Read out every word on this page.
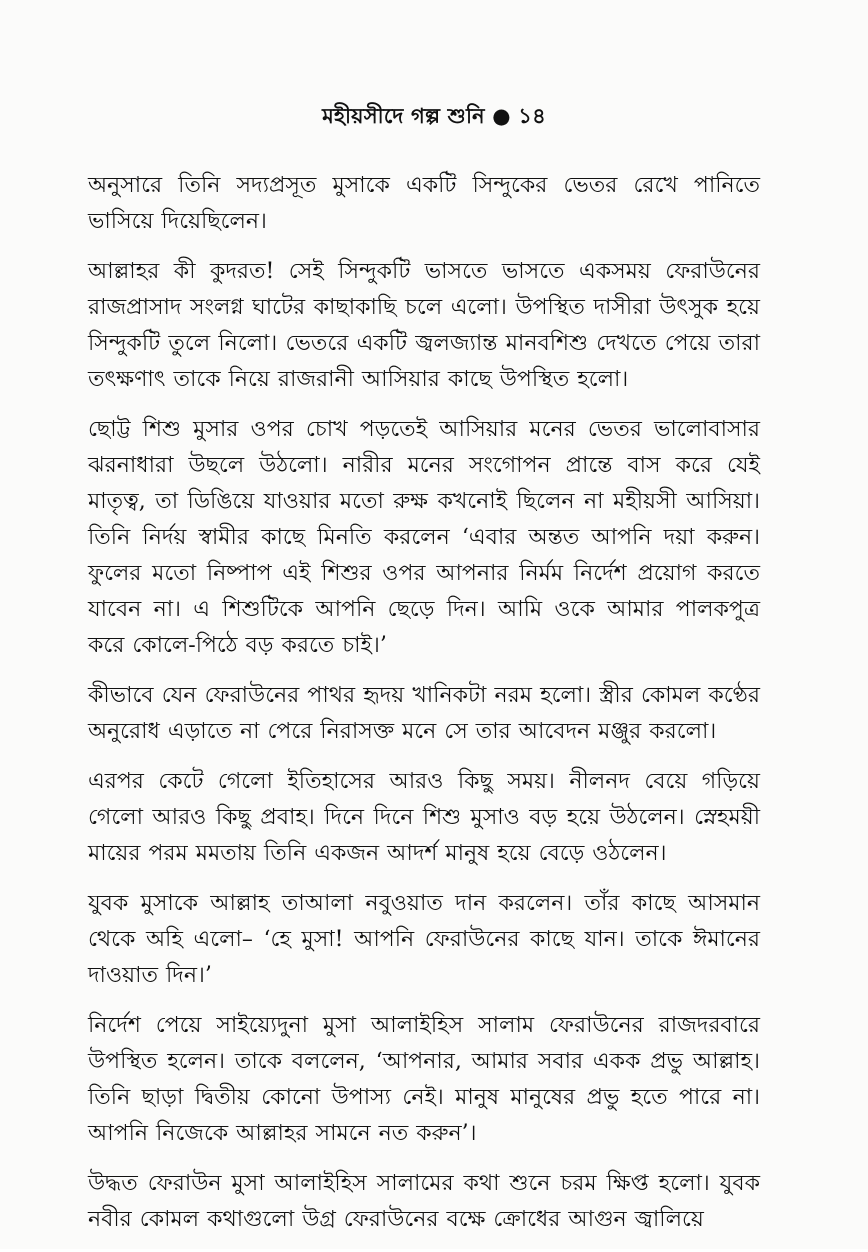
মহীয়সীদে গল্প শুনি ● ১৪

অনুসারে তিনি সদ্যপ্রসূত মুসাকে একটি সিন্দুকের ভেতর রেখে পানিতে ভাসিয়ে দিয়েছিলেন।

আল্লাহর কী কুদরত! সেই সিন্দুকটি ভাসতে ভাসতে একসময় ফেরাউনের রাজপ্রাসাদ সংলগ্ন ঘাটের কাছাকাছি চলে এলো। উপস্থিত দাসীরা উৎসুক হয়ে সিন্দুকটি তুলে নিলো। ভেতরে একটি জ্বলজ্যান্ত মানবশিশু দেখতে পেয়ে তারা তৎক্ষণাৎ তাকে নিয়ে রাজরানী আসিয়ার কাছে উপস্থিত হলো।

ছোট্ট শিশু মুসার ওপর চোখ পড়তেই আসিয়ার মনের ভেতর ভালোবাসার ঝরনাধারা উছলে উঠলো। নারীর মনের সংগোপন প্রান্তে বাস করে যেই মাতৃত্ব, তা ডিঙিয়ে যাওয়ার মতো রুক্ষ কখনোই ছিলেন না মহীয়সী আসিয়া। তিনি নির্দয় স্বামীর কাছে মিনতি করলেন ‘এবার অন্তত আপনি দয়া করুন। ফুলের মতো নিষ্পাপ এই শিশুর ওপর আপনার নির্মম নির্দেশ প্রয়োগ করতে যাবেন না। এ শিশুটিকে আপনি ছেড়ে দিন। আমি ওকে আমার পালকপুত্র করে কোলে-পিঠে বড় করতে চাই।’

কীভাবে যেন ফেরাউনের পাথর হৃদয় খানিকটা নরম হলো। স্ত্রীর কোমল কণ্ঠের অনুরোধ এড়াতে না পেরে নিরাসক্ত মনে সে তার আবেদন মঞ্জুর করলো।

এরপর কেটে গেলো ইতিহাসের আরও কিছু সময়। নীলনদ বেয়ে গড়িয়ে গেলো আরও কিছু প্রবাহ। দিনে দিনে শিশু মুসাও বড় হয়ে উঠলেন। স্নেহময়ী মায়ের পরম মমতায় তিনি একজন আদর্শ মানুষ হয়ে বেড়ে ওঠলেন।

যুবক মুসাকে আল্লাহ তাআলা নবুওয়াত দান করলেন। তাঁর কাছে আসমান থেকে অহি এলো– ‘হে মুসা! আপনি ফেরাউনের কাছে যান। তাকে ঈমানের দাওয়াত দিন।’

নির্দেশ পেয়ে সাইয়্যেদুনা মুসা আলাইহিস সালাম ফেরাউনের রাজদরবারে উপস্থিত হলেন। তাকে বললেন, ‘আপনার, আমার সবার একক প্রভু আল্লাহ। তিনি ছাড়া দ্বিতীয় কোনো উপাস্য নেই। মানুষ মানুষের প্রভু হতে পারে না। আপনি নিজেকে আল্লাহর সামনে নত করুন’।

উদ্ধত ফেরাউন মুসা আলাইহিস সালামের কথা শুনে চরম ক্ষিপ্ত হলো। যুবক নবীর কোমল কথাগুলো উগ্র ফেরাউনের বক্ষে ক্রোধের আগুন জ্বালিয়ে
